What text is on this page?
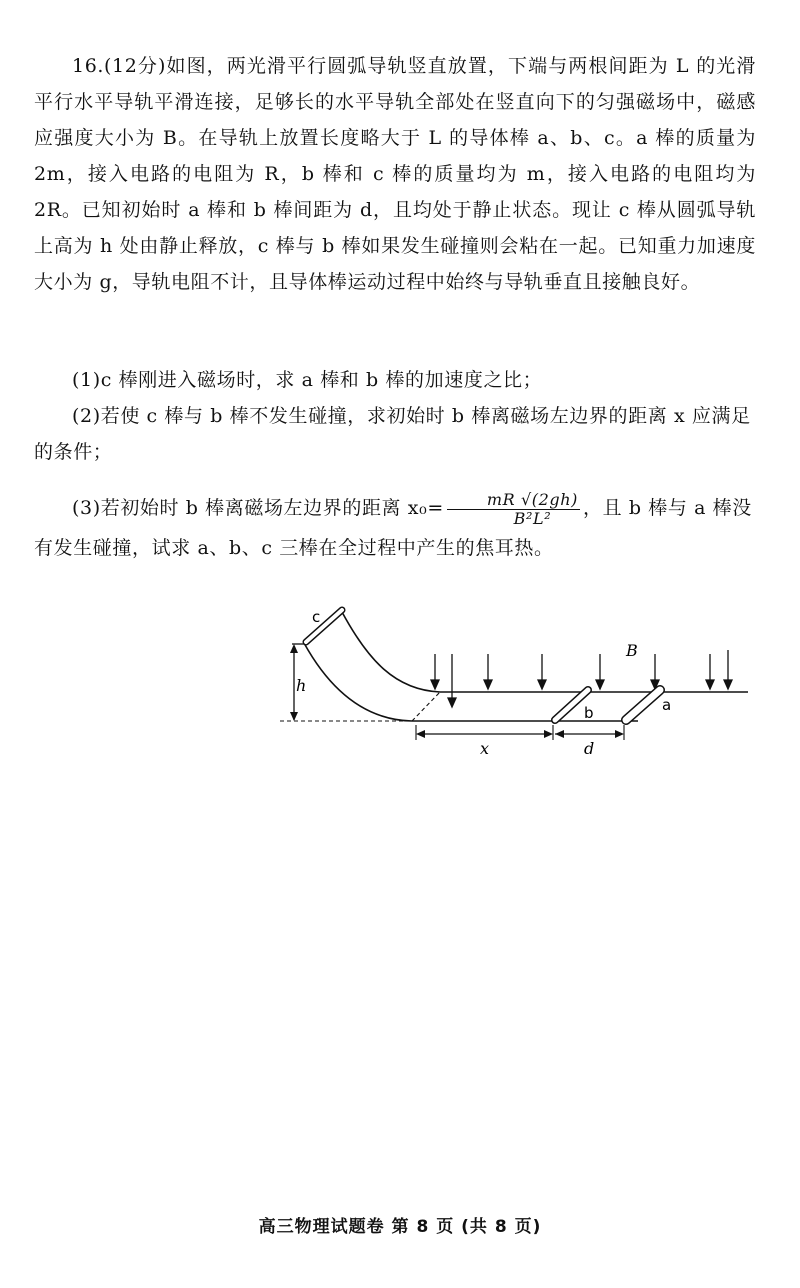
16.(12分)如图，两光滑平行圆弧导轨竖直放置，下端与两根间距为 L 的光滑平行水平导轨平滑连接，足够长的水平导轨全部处在竖直向下的匀强磁场中，磁感应强度大小为 B。在导轨上放置长度略大于 L 的导体棒 a、b、c。a 棒的质量为 2m，接入电路的电阻为 R，b 棒和 c 棒的质量均为 m，接入电路的电阻均为 2R。已知初始时 a 棒和 b 棒间距为 d，且均处于静止状态。现让 c 棒从圆弧导轨上高为 h 处由静止释放，c 棒与 b 棒如果发生碰撞则会粘在一起。已知重力加速度大小为 g，导轨电阻不计，且导体棒运动过程中始终与导轨垂直且接触良好。
(1)c 棒刚进入磁场时，求 a 棒和 b 棒的加速度之比；
(2)若使 c 棒与 b 棒不发生碰撞，求初始时 b 棒离磁场左边界的距离 x 应满足的条件；
(3)若初始时 b 棒离磁场左边界的距离 $x_0= \frac{mR √(2gh)}{\text{B²L²}}$ ，且 b 棒与 a 棒没有发生碰撞，试求 a、b、c 三棒在全过程中产生的焦耳热。
h
c
B
b	a
x	d
高三物理试题卷 第 8 页 (共 8 页)
